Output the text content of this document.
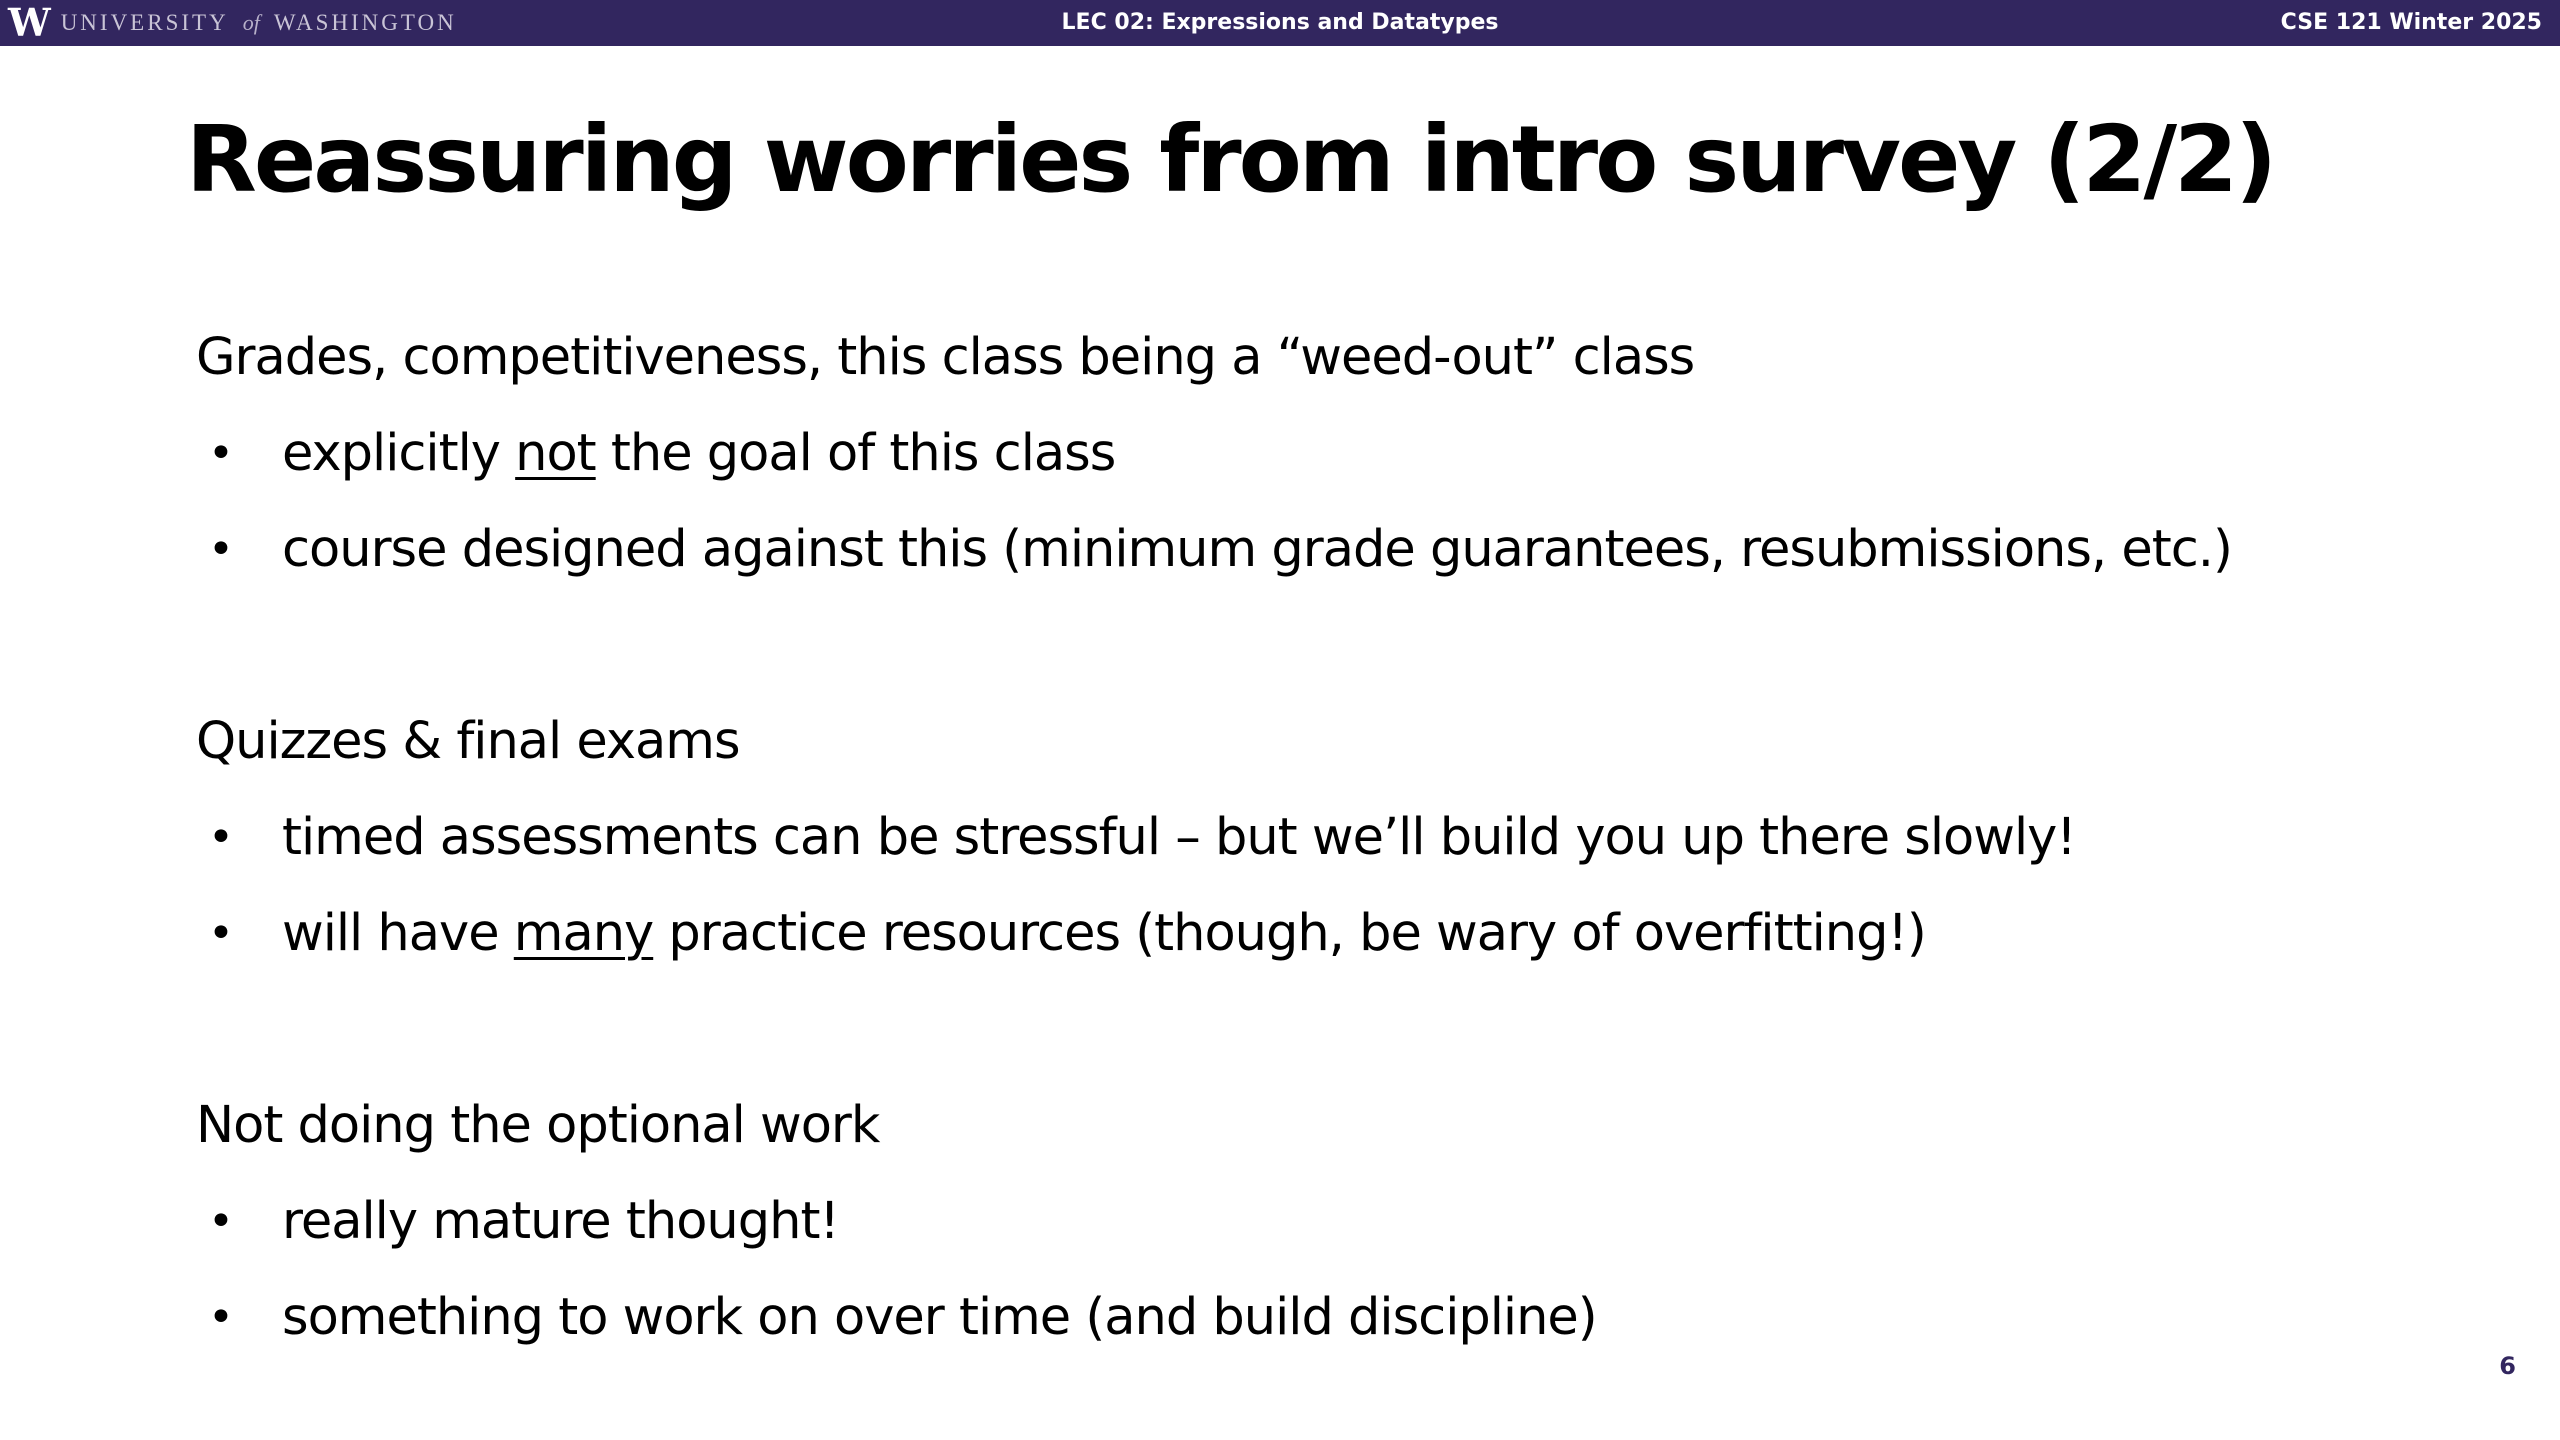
W UNIVERSITY of WASHINGTON	LEC 02: Expressions and Datatypes	CSE 121 Winter 2025
Reassuring worries from intro survey (2/2)
Grades, competitiveness, this class being a “weed-out” class
• explicitly not the goal of this class
• course designed against this (minimum grade guarantees, resubmissions, etc.)
Quizzes & final exams
• timed assessments can be stressful – but we’ll build you up there slowly!
• will have many practice resources (though, be wary of overfitting!)
Not doing the optional work
• really mature thought!
• something to work on over time (and build discipline)
6
